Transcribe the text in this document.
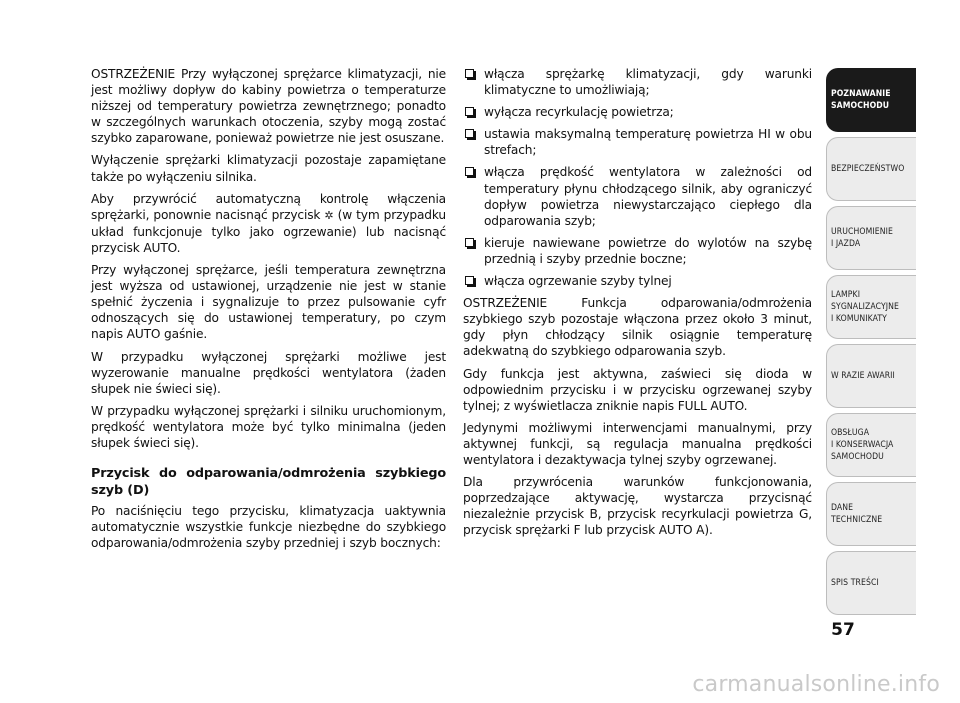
OSTRZEŻENIE Przy wyłączonej sprężarce klimatyzacji, nie jest możliwy dopływ do kabiny powietrza o temperaturze niższej od temperatury powietrza zewnętrznego; ponadto w szczególnych warunkach otoczenia, szyby mogą zostać szybko zaparowane, ponieważ powietrze nie jest osuszane.

Wyłączenie sprężarki klimatyzacji pozostaje zapamiętane także po wyłączeniu silnika.

Aby przywrócić automatyczną kontrolę włączenia sprężarki, ponownie nacisnąć przycisk ✲ (w tym przypadku układ funkcjonuje tylko jako ogrzewanie) lub nacisnąć przycisk AUTO.

Przy wyłączonej sprężarce, jeśli temperatura zewnętrzna jest wyższa od ustawionej, urządzenie nie jest w stanie spełnić życzenia i sygnalizuje to przez pulsowanie cyfr odnoszących się do ustawionej temperatury, po czym napis AUTO gaśnie.

W przypadku wyłączonej sprężarki możliwe jest wyzerowanie manualne prędkości wentylatora (żaden słupek nie świeci się).

W przypadku wyłączonej sprężarki i silniku uruchomionym, prędkość wentylatora może być tylko minimalna (jeden słupek świeci się).

Przycisk do odparowania/odmrożenia szybkiego szyb (D)

Po naciśnięciu tego przycisku, klimatyzacja uaktywnia automatycznie wszystkie funkcje niezbędne do szybkiego odparowania/odmrożenia szyby przedniej i szyb bocznych:

włącza sprężarkę klimatyzacji, gdy warunki klimatyczne to umożliwiają;
wyłącza recyrkulację powietrza;
ustawia maksymalną temperaturę powietrza HI w obu strefach;
włącza prędkość wentylatora w zależności od temperatury płynu chłodzącego silnik, aby ograniczyć dopływ powietrza niewystarczająco ciepłego dla odparowania szyb;
kieruje nawiewane powietrze do wylotów na szybę przednią i szyby przednie boczne;
włącza ogrzewanie szyby tylnej

OSTRZEŻENIE Funkcja odparowania/odmrożenia szybkiego szyb pozostaje włączona przez około 3 minut, gdy płyn chłodzący silnik osiągnie temperaturę adekwatną do szybkiego odparowania szyb.

Gdy funkcja jest aktywna, zaświeci się dioda w odpowiednim przycisku i w przycisku ogrzewanej szyby tylnej; z wyświetlacza zniknie napis FULL AUTO.

Jedynymi możliwymi interwencjami manualnymi, przy aktywnej funkcji, są regulacja manualna prędkości wentylatora i dezaktywacja tylnej szyby ogrzewanej.

Dla przywrócenia warunków funkcjonowania, poprzedzające aktywację, wystarcza przycisnąć niezależnie przycisk B, przycisk recyrkulacji powietrza G, przycisk sprężarki F lub przycisk AUTO A).

POZNAWANIE
SAMOCHODU
BEZPIECZEŃSTWO
URUCHOMIENIE
I JAZDA
LAMPKI
SYGNALIZACYJNE
I KOMUNIKATY
W RAZIE AWARII
OBSŁUGA
I KONSERWACJA
SAMOCHODU
DANE
TECHNICZNE
SPIS TREŚCI
57
carmanualsonline.info
